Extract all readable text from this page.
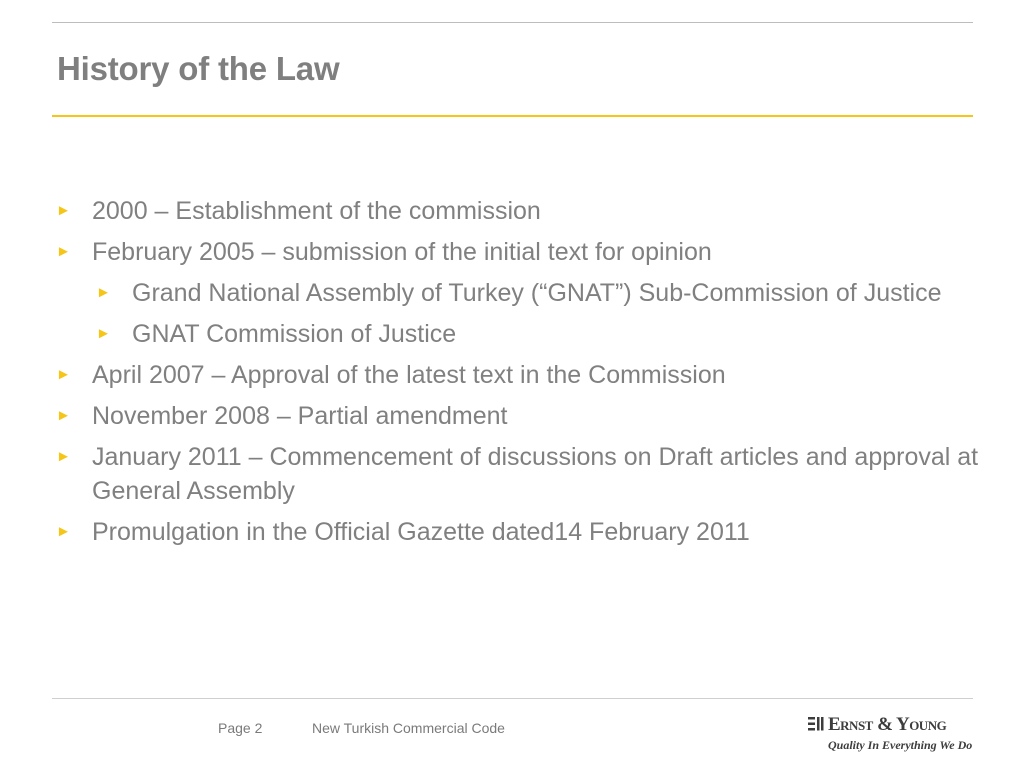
History of the Law
► 2000 – Establishment of the commission
► February 2005 – submission of the initial text for opinion
► Grand National Assembly of Turkey (“GNAT”) Sub-Commission of Justice
► GNAT Commission of Justice
► April 2007 – Approval of the latest text in the Commission
► November 2008 – Partial amendment
► January 2011 – Commencement of discussions on Draft articles and approval at General Assembly
► Promulgation in the Official Gazette dated14 February 2011
Page 2	New Turkish Commercial Code	Ernst & Young
Quality In Everything We Do
